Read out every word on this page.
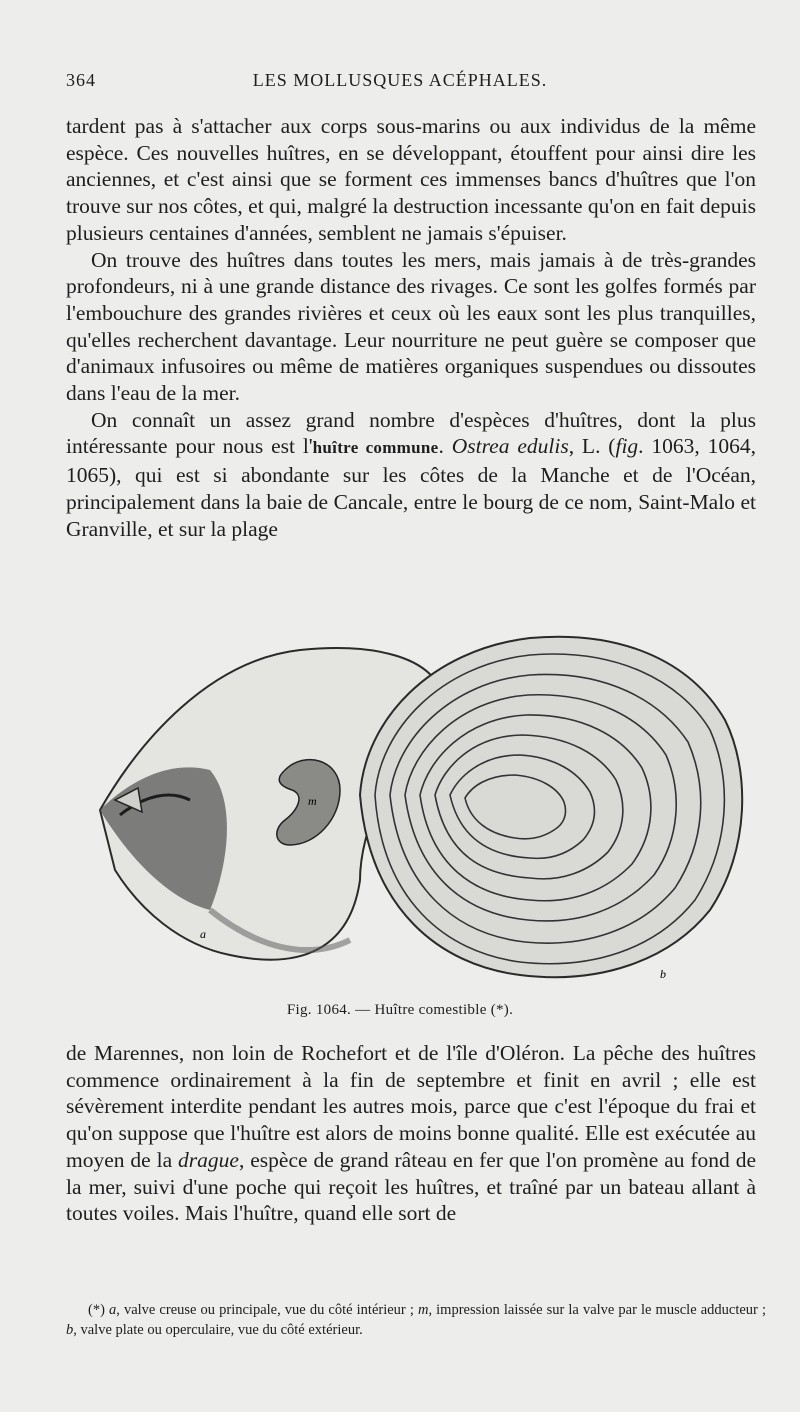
364	LES MOLLUSQUES ACÉPHALES.

tardent pas à s'attacher aux corps sous-marins ou aux individus de la même espèce. Ces nouvelles huîtres, en se développant, étouffent pour ainsi dire les anciennes, et c'est ainsi que se forment ces immenses bancs d'huîtres que l'on trouve sur nos côtes, et qui, malgré la destruction incessante qu'on en fait depuis plusieurs centaines d'années, semblent ne jamais s'épuiser.

On trouve des huîtres dans toutes les mers, mais jamais à de très-grandes profondeurs, ni à une grande distance des rivages. Ce sont les golfes formés par l'embouchure des grandes rivières et ceux où les eaux sont les plus tranquilles, qu'elles recherchent davantage. Leur nourriture ne peut guère se composer que d'animaux infusoires ou même de matières organiques suspendues ou dissoutes dans l'eau de la mer.

On connaît un assez grand nombre d'espèces d'huîtres, dont la plus intéressante pour nous est l'huître commune. Ostrea edulis, L. (fig. 1063, 1064, 1065), qui est si abondante sur les côtes de la Manche et de l'Océan, principalement dans la baie de Cancale, entre le bourg de ce nom, Saint-Malo et Granville, et sur la plage

m
a
b
Fig. 1064. — Huître comestible (*).

de Marennes, non loin de Rochefort et de l'île d'Oléron. La pêche des huîtres commence ordinairement à la fin de septembre et finit en avril ; elle est sévèrement interdite pendant les autres mois, parce que c'est l'époque du frai et qu'on suppose que l'huître est alors de moins bonne qualité. Elle est exécutée au moyen de la drague, espèce de grand râteau en fer que l'on promène au fond de la mer, suivi d'une poche qui reçoit les huîtres, et traîné par un bateau allant à toutes voiles. Mais l'huître, quand elle sort de

(*) a, valve creuse ou principale, vue du côté intérieur ; m, impression laissée sur la valve par le muscle adducteur ; b, valve plate ou operculaire, vue du côté extérieur.
